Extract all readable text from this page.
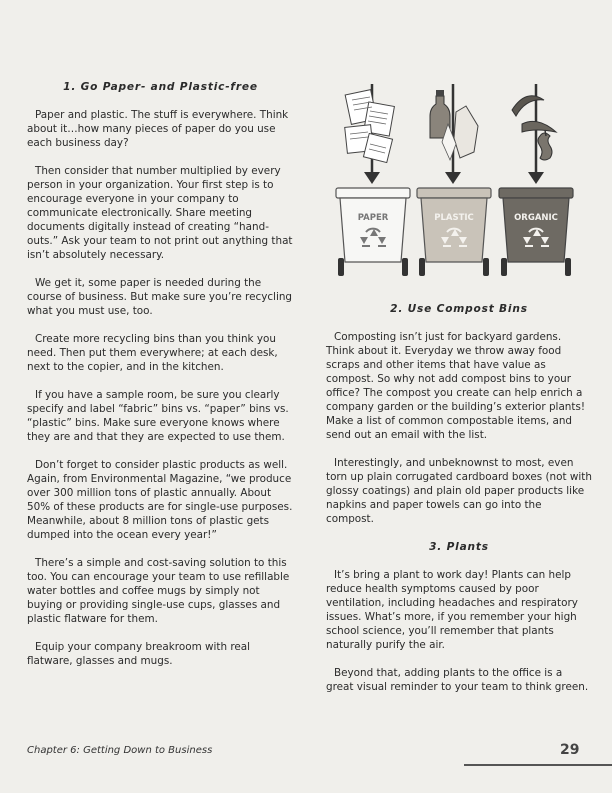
1. Go Paper- and Plastic-free

Paper and plastic. The stuff is everywhere. Think about it…how many pieces of paper do you use each business day?

Then consider that number multiplied by every person in your organization. Your first step is to encourage everyone in your company to communicate electronically. Share meeting documents digitally instead of creating “hand-outs.” Ask your team to not print out anything that isn’t absolutely necessary.

We get it, some paper is needed during the course of business. But make sure you’re recycling what you must use, too.

Create more recycling bins than you think you need. Then put them everywhere; at each desk, next to the copier, and in the kitchen.

If you have a sample room, be sure you clearly specify and label “fabric” bins vs. “paper” bins vs. “plastic” bins. Make sure everyone knows where they are and that they are expected to use them.

Don’t forget to consider plastic products as well. Again, from Environmental Magazine, “we produce over 300 million tons of plastic annually. About 50% of these products are for single-use purposes. Meanwhile, about 8 million tons of plastic gets dumped into the ocean every year!”

There’s a simple and cost-saving solution to this too. You can encourage your team to use refillable water bottles and coffee mugs by simply not buying or providing single-use cups, glasses and plastic flatware for them.

Equip your company breakroom with real flatware, glasses and mugs.

PAPER	PLASTIC	ORGANIC
2. Use Compost Bins

Composting isn’t just for backyard gardens. Think about it. Everyday we throw away food scraps and other items that have value as compost. So why not add compost bins to your office? The compost you create can help enrich a company garden or the building’s exterior plants! Make a list of common compostable items, and send out an email with the list.

Interestingly, and unbeknownst to most, even torn up plain corrugated cardboard boxes (not with glossy coatings) and plain old paper products like napkins and paper towels can go into the compost.

3. Plants

It’s bring a plant to work day! Plants can help reduce health symptoms caused by poor ventilation, including headaches and respiratory issues. What’s more, if you remember your high school science, you’ll remember that plants naturally purify the air.

Beyond that, adding plants to the office is a great visual reminder to your team to think green.

Chapter 6: Getting Down to Business	29
